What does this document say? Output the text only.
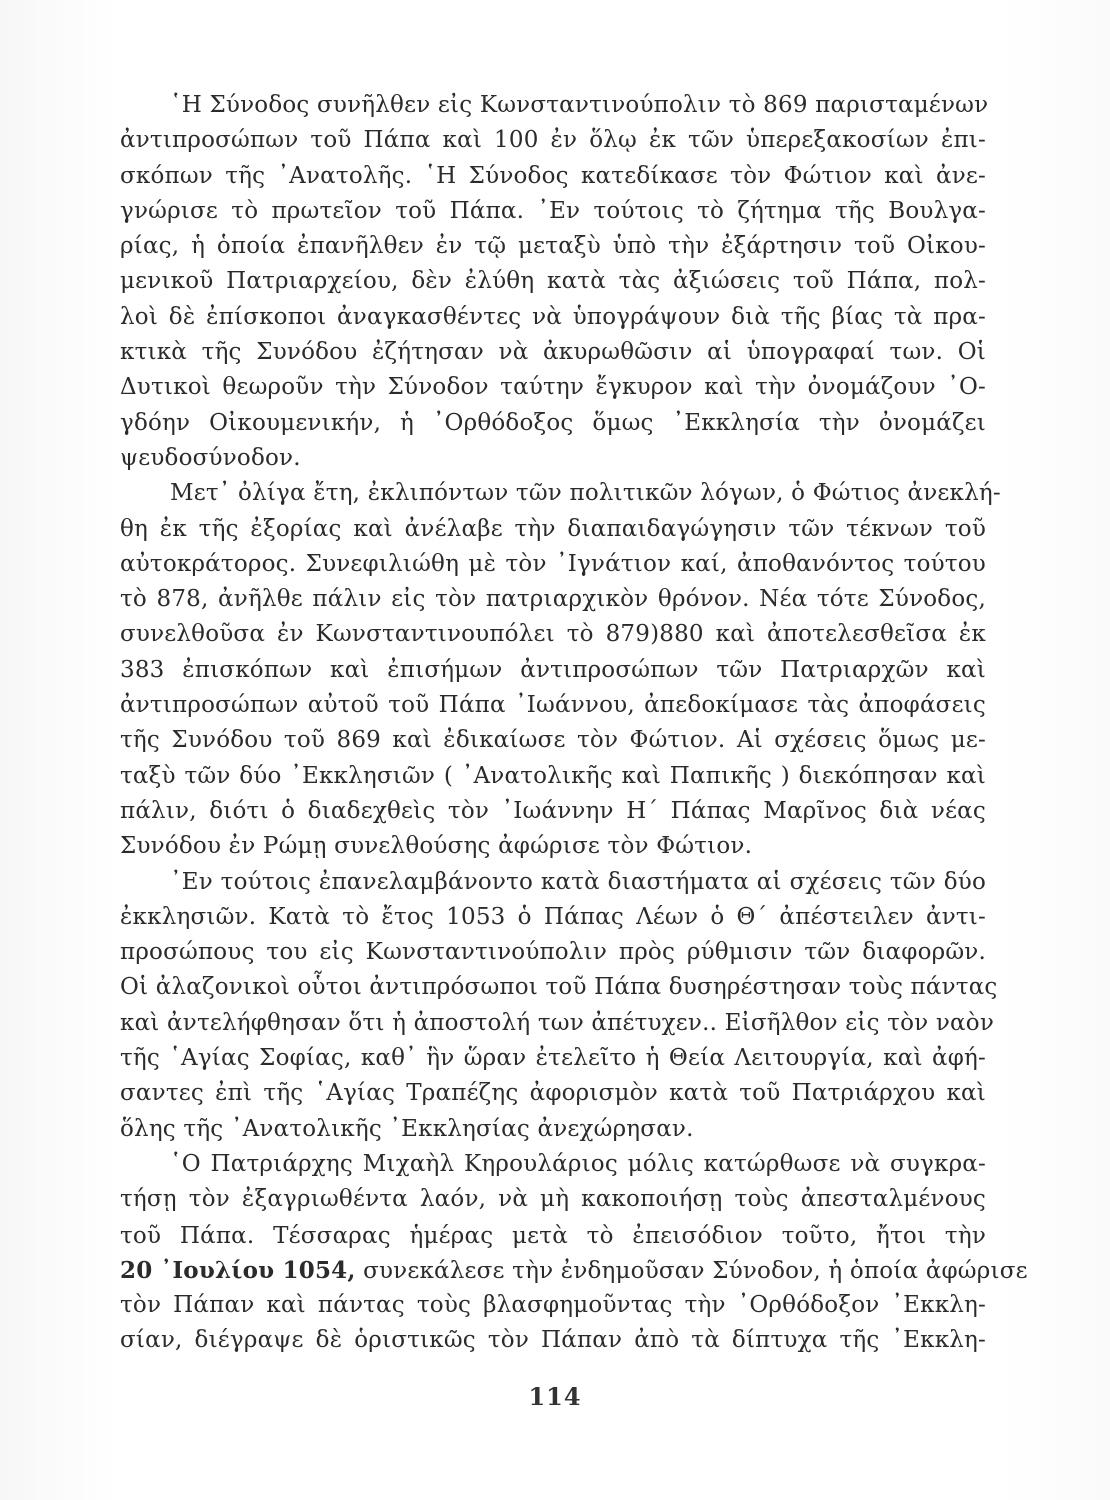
῾Η Σύνοδος συνῆλθεν εἰς Κωνσταντινούπολιν τὸ 869 παρισταμένων
ἀντιπροσώπων τοῦ Πάπα καὶ 100 ἐν ὅλῳ ἐκ τῶν ὑπερεξακοσίων ἐπι-
σκόπων τῆς ᾿Ανατολῆς. ῾Η Σύνοδος κατεδίκασε τὸν Φώτιον καὶ ἀνε-
γνώρισε τὸ πρωτεῖον τοῦ Πάπα. ᾿Εν τούτοις τὸ ζήτημα τῆς Βουλγα-
ρίας, ἡ ὁποία ἐπανῆλθεν ἐν τῷ μεταξὺ ὑπὸ τὴν ἐξάρτησιν τοῦ Οἰκου-
μενικοῦ Πατριαρχείου, δὲν ἐλύθη κατὰ τὰς ἀξιώσεις τοῦ Πάπα, πολ-
λοὶ δὲ ἐπίσκοποι ἀναγκασθέντες νὰ ὑπογράψουν διὰ τῆς βίας τὰ πρα-
κτικὰ τῆς Συνόδου ἐζήτησαν νὰ ἀκυρωθῶσιν αἱ ὑπογραφαί των. Οἱ
Δυτικοὶ θεωροῦν τὴν Σύνοδον ταύτην ἔγκυρον καὶ τὴν ὀνομάζουν ᾿Ο-
γδόην Οἰκουμενικήν, ἡ ᾿Ορθόδοξος ὅμως ᾿Εκκλησία τὴν ὀνομάζει
ψευδοσύνοδον.
Μετ᾿ ὀλίγα ἔτη, ἐκλιπόντων τῶν πολιτικῶν λόγων, ὁ Φώτιος ἀνεκλή-
θη ἐκ τῆς ἐξορίας καὶ ἀνέλαβε τὴν διαπαιδαγώγησιν τῶν τέκνων τοῦ
αὐτοκράτορος. Συνεφιλιώθη μὲ τὸν ᾿Ιγνάτιον καί, ἀποθανόντος τούτου
τὸ 878, ἀνῆλθε πάλιν εἰς τὸν πατριαρχικὸν θρόνον. Νέα τότε Σύνοδος,
συνελθοῦσα ἐν Κωνσταντινουπόλει τὸ 879)880 καὶ ἀποτελεσθεῖσα ἐκ
383 ἐπισκόπων καὶ ἐπισήμων ἀντιπροσώπων τῶν Πατριαρχῶν καὶ
ἀντιπροσώπων αὐτοῦ τοῦ Πάπα ᾿Ιωάννου, ἀπεδοκίμασε τὰς ἀποφάσεις
τῆς Συνόδου τοῦ 869 καὶ ἐδικαίωσε τὸν Φώτιον. Αἱ σχέσεις ὅμως με-
ταξὺ τῶν δύο ᾿Εκκλησιῶν ( ᾿Ανατολικῆς καὶ Παπικῆς ) διεκόπησαν καὶ
πάλιν, διότι ὁ διαδεχθεὶς τὸν ᾿Ιωάννην Η΄ Πάπας Μαρῖνος διὰ νέας
Συνόδου ἐν Ρώμῃ συνελθούσης ἀφώρισε τὸν Φώτιον.
᾿Εν τούτοις ἐπανελαμβάνοντο κατὰ διαστήματα αἱ σχέσεις τῶν δύο
ἐκκλησιῶν. Κατὰ τὸ ἔτος 1053 ὁ Πάπας Λέων ὁ Θ΄ ἀπέστειλεν ἀντι-
προσώπους του εἰς Κωνσταντινούπολιν πρὸς ρύθμισιν τῶν διαφορῶν.
Οἱ ἀλαζονικοὶ οὗτοι ἀντιπρόσωποι τοῦ Πάπα δυσηρέστησαν τοὺς πάντας
καὶ ἀντελήφθησαν ὅτι ἡ ἀποστολή των ἀπέτυχεν.. Εἰσῆλθον εἰς τὸν ναὸν
τῆς ῾Αγίας Σοφίας, καθ᾿ ἣν ὥραν ἐτελεῖτο ἡ Θεία Λειτουργία, καὶ ἀφή-
σαντες ἐπὶ τῆς ῾Αγίας Τραπέζης ἀφορισμὸν κατὰ τοῦ Πατριάρχου καὶ
ὅλης τῆς ᾿Ανατολικῆς ᾿Εκκλησίας ἀνεχώρησαν.
῾Ο Πατριάρχης Μιχαὴλ Κηρουλάριος μόλις κατώρθωσε νὰ συγκρα-
τήσῃ τὸν ἐξαγριωθέντα λαόν, νὰ μὴ κακοποιήσῃ τοὺς ἀπεσταλμένους
τοῦ Πάπα. Τέσσαρας ἡμέρας μετὰ τὸ ἐπεισόδιον τοῦτο, ἤτοι τὴν
20 ᾿Ιουλίου 1054, συνεκάλεσε τὴν ἐνδημοῦσαν Σύνοδον, ἡ ὁποία ἀφώρισε
τὸν Πάπαν καὶ πάντας τοὺς βλασφημοῦντας τὴν ᾿Ορθόδοξον ᾿Εκκλη-
σίαν, διέγραψε δὲ ὁριστικῶς τὸν Πάπαν ἀπὸ τὰ δίπτυχα τῆς ᾿Εκκλη-
114
